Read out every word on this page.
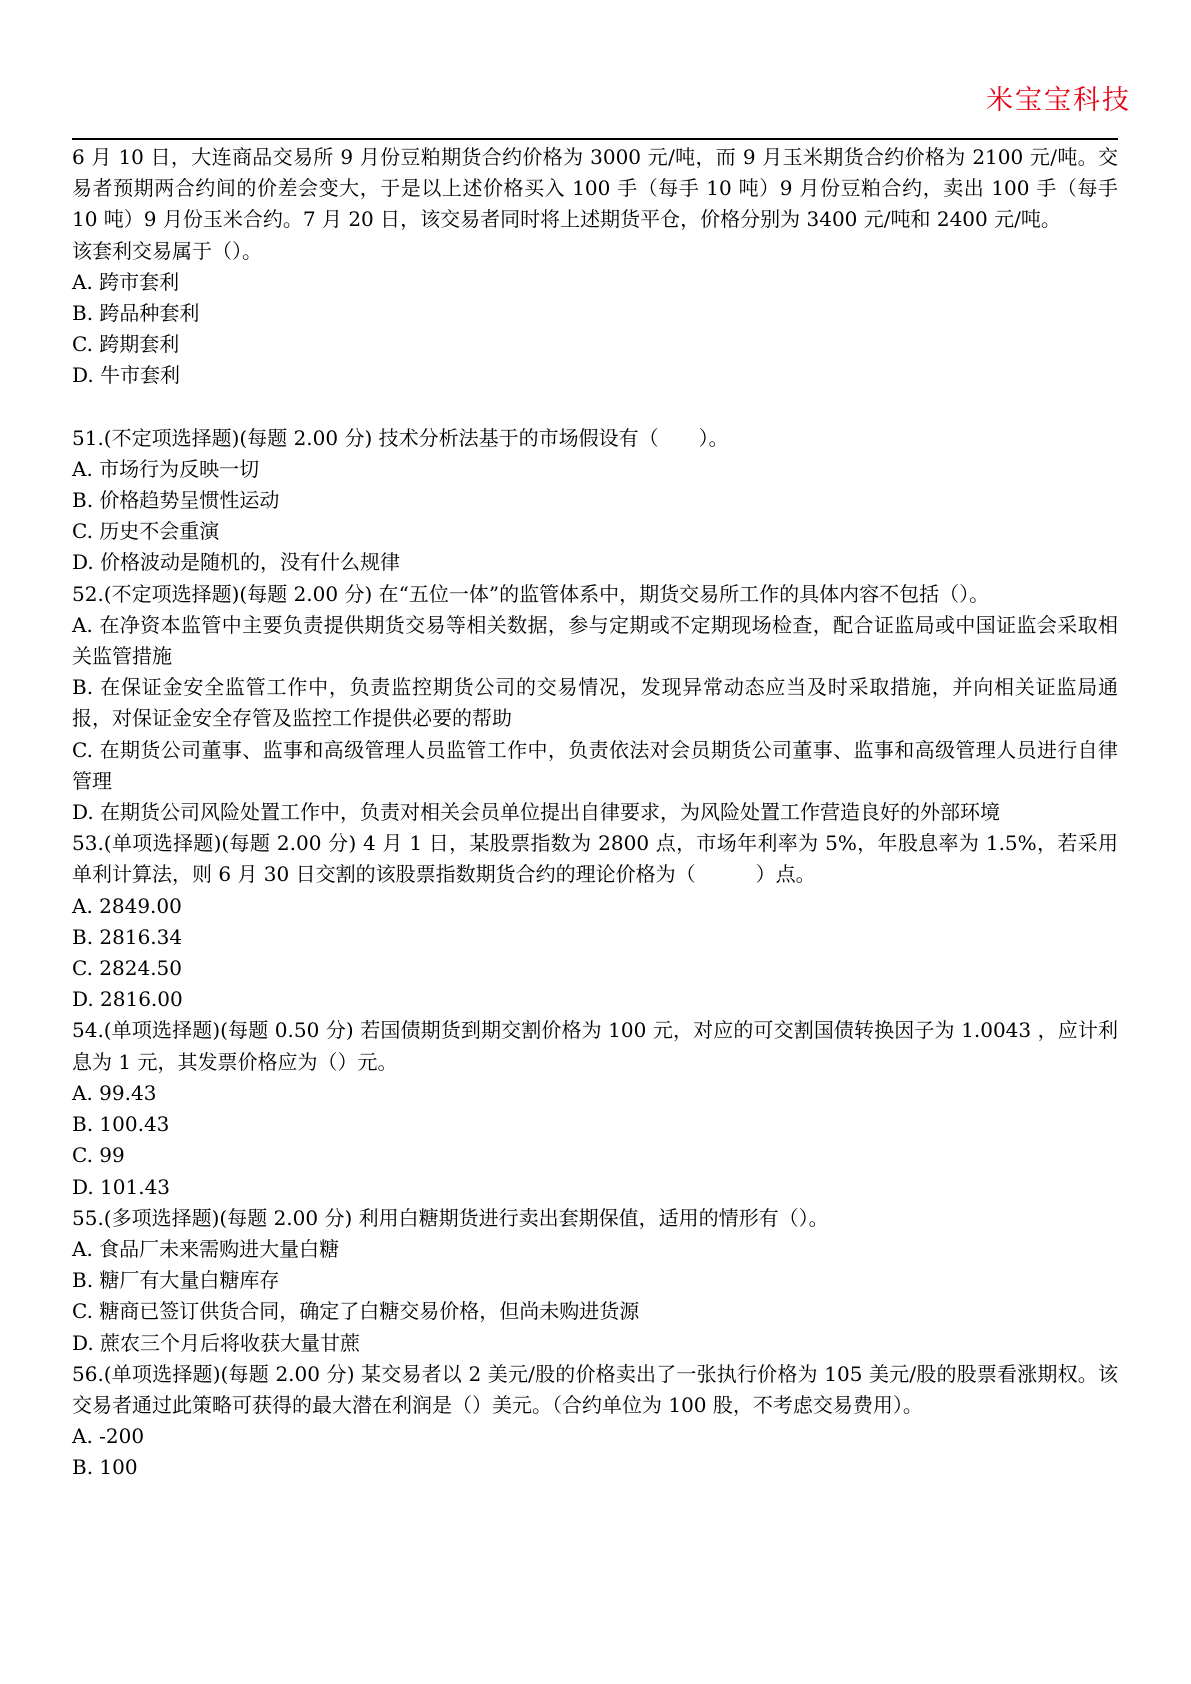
米宝宝科技

6 月 10 日，大连商品交易所 9 月份豆粕期货合约价格为 3000 元/吨，而 9 月玉米期货合约价格为 2100 元/吨。交易者预期两合约间的价差会变大，于是以上述价格买入 100 手（每手 10 吨）9 月份豆粕合约，卖出 100 手（每手 10 吨）9 月份玉米合约。7 月 20 日，该交易者同时将上述期货平仓，价格分别为 3400 元/吨和 2400 元/吨。

该套利交易属于（）。

A. 跨市套利

B. 跨品种套利

C. 跨期套利

D. 牛市套利

51.(不定项选择题)(每题 2.00 分) 技术分析法基于的市场假设有（　　）。

A. 市场行为反映一切

B. 价格趋势呈惯性运动

C. 历史不会重演

D. 价格波动是随机的，没有什么规律

52.(不定项选择题)(每题 2.00 分) 在“五位一体”的监管体系中，期货交易所工作的具体内容不包括（）。

A. 在净资本监管中主要负责提供期货交易等相关数据，参与定期或不定期现场检查，配合证监局或中国证监会采取相关监管措施

B. 在保证金安全监管工作中，负责监控期货公司的交易情况，发现异常动态应当及时采取措施，并向相关证监局通报，对保证金安全存管及监控工作提供必要的帮助

C. 在期货公司董事、监事和高级管理人员监管工作中，负责依法对会员期货公司董事、监事和高级管理人员进行自律管理

D. 在期货公司风险处置工作中，负责对相关会员单位提出自律要求，为风险处置工作营造良好的外部环境

53.(单项选择题)(每题 2.00 分) 4 月 1 日，某股票指数为 2800 点，市场年利率为 5%，年股息率为 1.5%，若采用单利计算法，则 6 月 30 日交割的该股票指数期货合约的理论价格为（　　　）点。

A. 2849.00

B. 2816.34

C. 2824.50

D. 2816.00

54.(单项选择题)(每题 0.50 分) 若国债期货到期交割价格为 100 元，对应的可交割国债转换因子为 1.0043 ，应计利息为 1 元，其发票价格应为（）元。

A. 99.43

B. 100.43

C. 99

D. 101.43

55.(多项选择题)(每题 2.00 分) 利用白糖期货进行卖出套期保值，适用的情形有（）。

A. 食品厂未来需购进大量白糖

B. 糖厂有大量白糖库存

C. 糖商已签订供货合同，确定了白糖交易价格，但尚未购进货源

D. 蔗农三个月后将收获大量甘蔗

56.(单项选择题)(每题 2.00 分) 某交易者以 2 美元/股的价格卖出了一张执行价格为 105 美元/股的股票看涨期权。该交易者通过此策略可获得的最大潜在利润是（）美元。（合约单位为 100 股，不考虑交易费用）。

A. -200

B. 100
